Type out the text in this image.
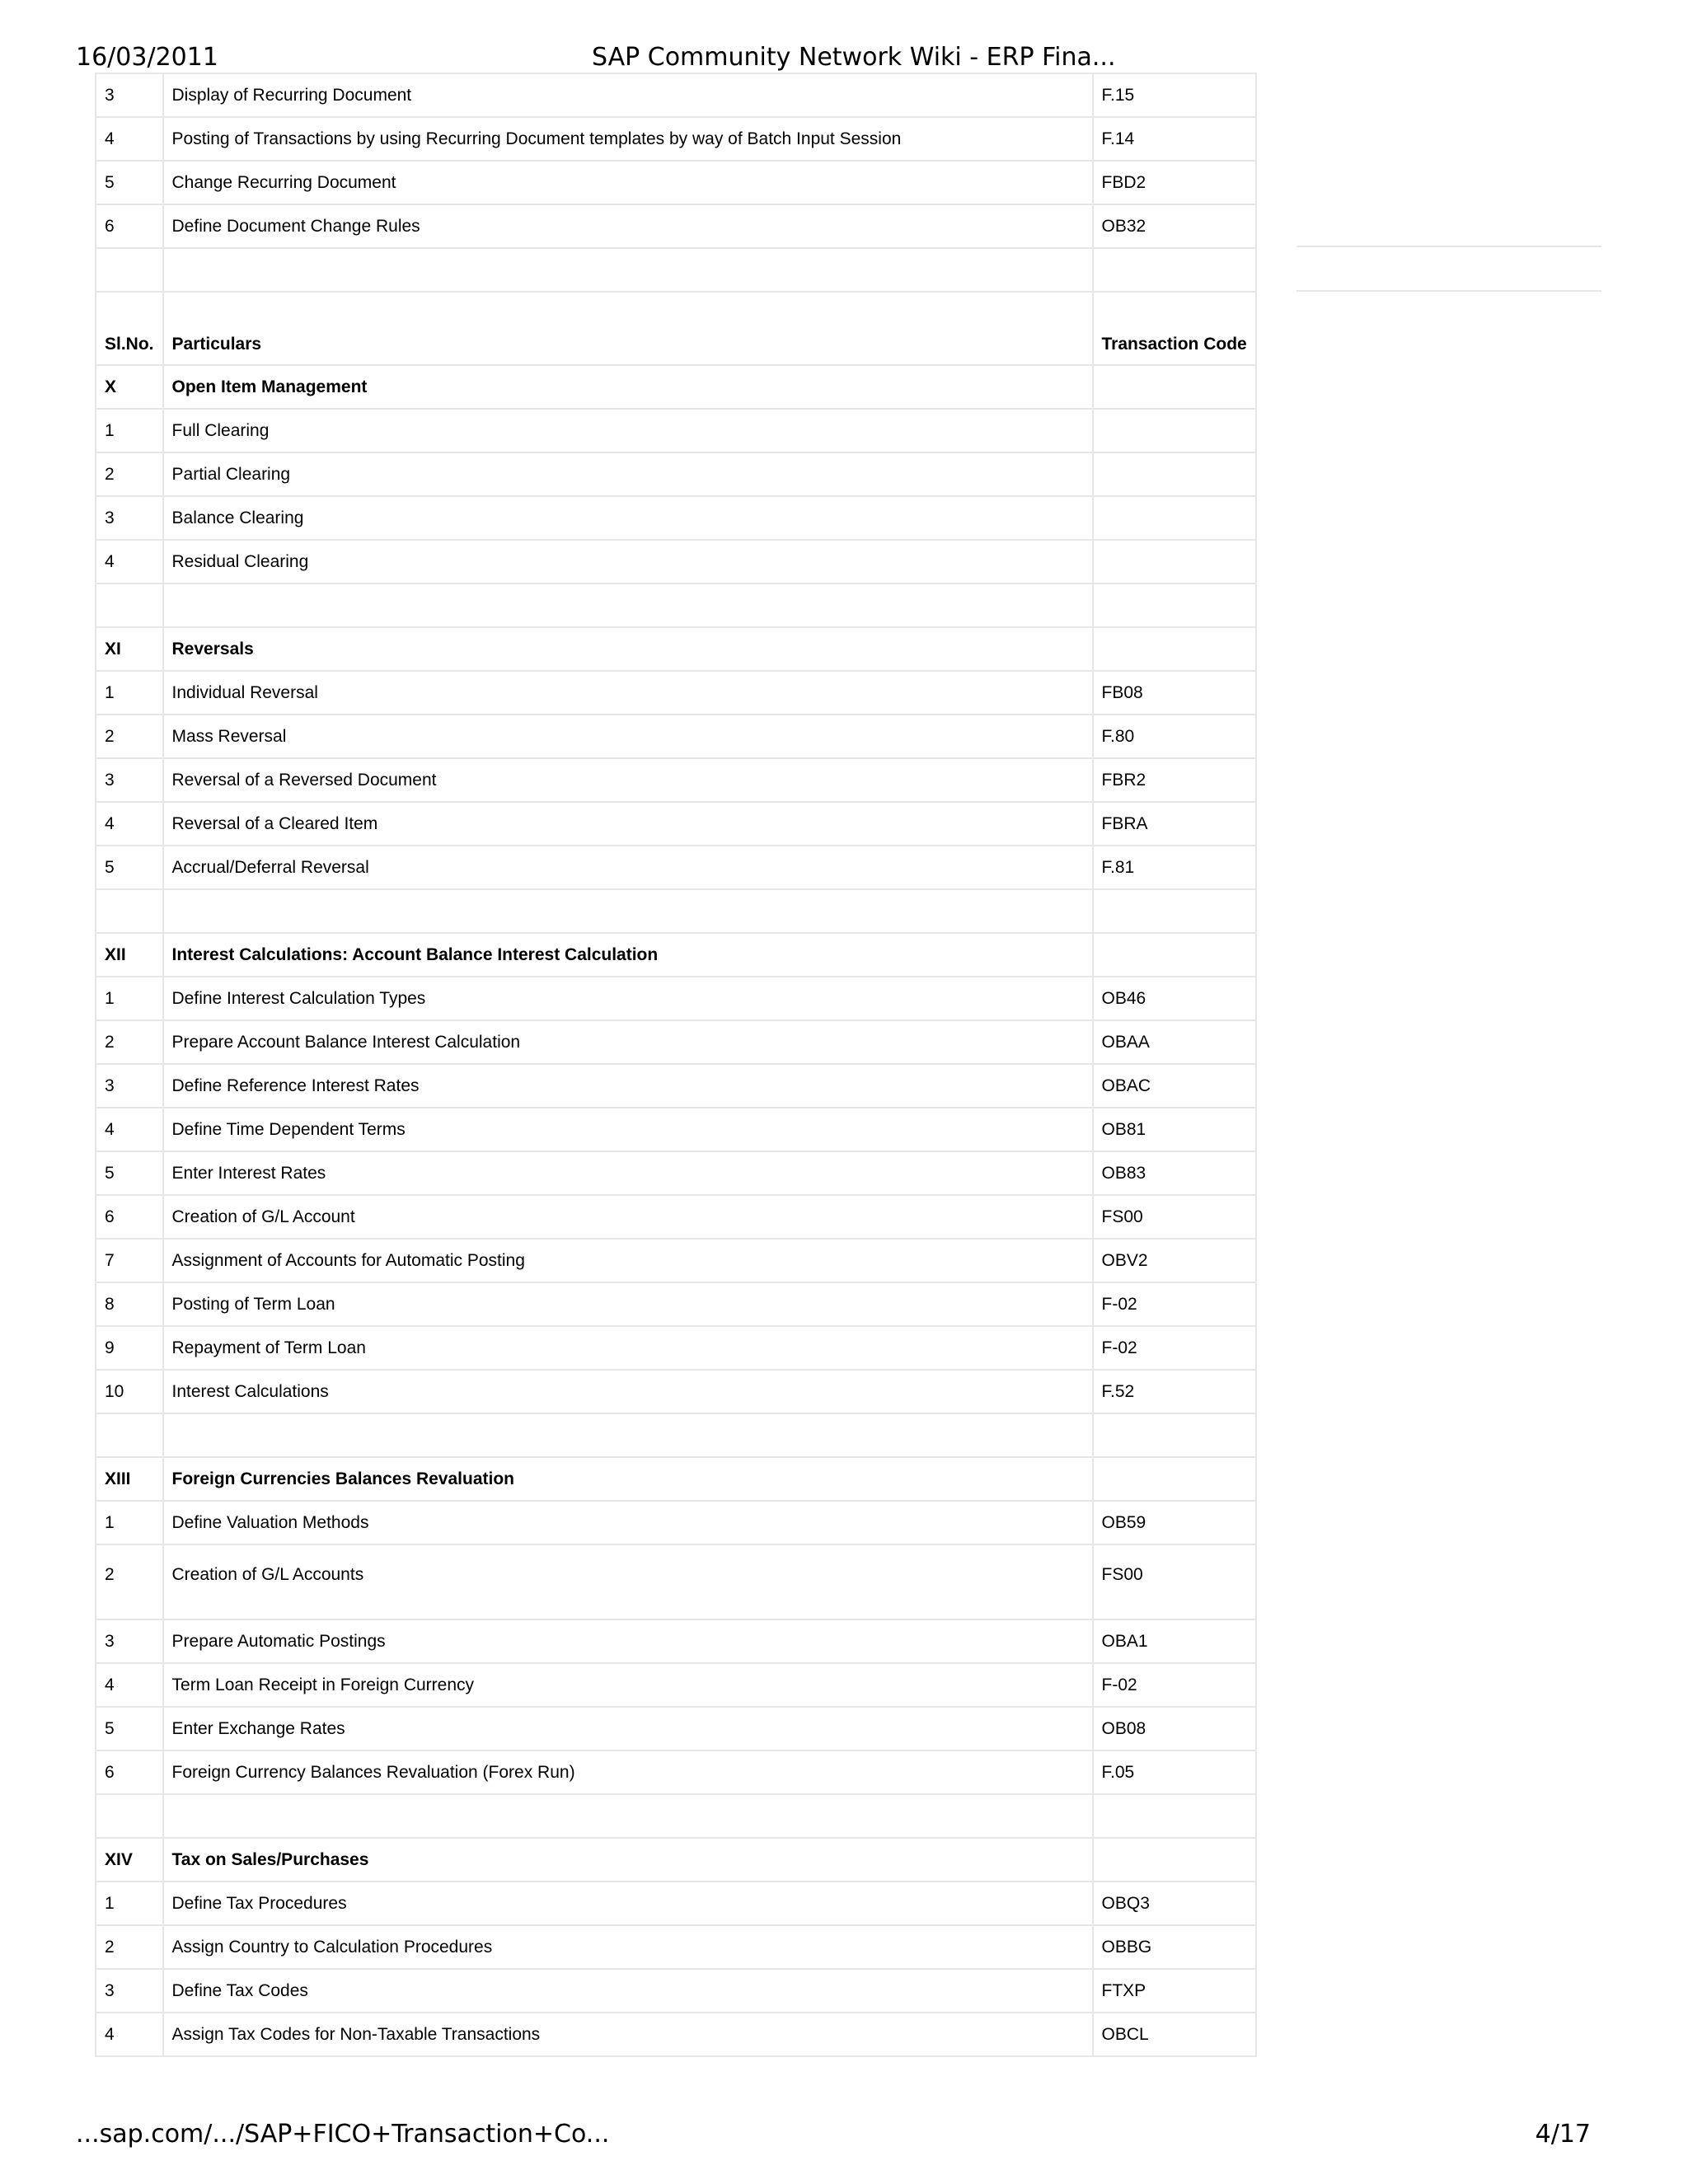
16/03/2011	SAP Community Network Wiki - ERP Fina...
3	Display of Recurring Document	F.15
4	Posting of Transactions by using Recurring Document templates by way of Batch Input Session	F.14
5	Change Recurring Document	FBD2
6	Define Document Change Rules	OB32

Sl.No.	Particulars	Transaction Code
X	Open Item Management	
1	Full Clearing	
2	Partial Clearing	
3	Balance Clearing	
4	Residual Clearing	

XI	Reversals	
1	Individual Reversal	FB08
2	Mass Reversal	F.80
3	Reversal of a Reversed Document	FBR2
4	Reversal of a Cleared Item	FBRA
5	Accrual/Deferral Reversal	F.81

XII	Interest Calculations: Account Balance Interest Calculation	
1	Define Interest Calculation Types	OB46
2	Prepare Account Balance Interest Calculation	OBAA
3	Define Reference Interest Rates	OBAC
4	Define Time Dependent Terms	OB81
5	Enter Interest Rates	OB83
6	Creation of G/L Account	FS00
7	Assignment of Accounts for Automatic Posting	OBV2
8	Posting of Term Loan	F-02
9	Repayment of Term Loan	F-02
10	Interest Calculations	F.52

XIII	Foreign Currencies Balances Revaluation	
1	Define Valuation Methods	OB59
2	Creation of G/L Accounts	FS00
3	Prepare Automatic Postings	OBA1
4	Term Loan Receipt in Foreign Currency	F-02
5	Enter Exchange Rates	OB08
6	Foreign Currency Balances Revaluation (Forex Run)	F.05

XIV	Tax on Sales/Purchases	
1	Define Tax Procedures	OBQ3
2	Assign Country to Calculation Procedures	OBBG
3	Define Tax Codes	FTXP
4	Assign Tax Codes for Non-Taxable Transactions	OBCL
...sap.com/.../SAP+FICO+Transaction+Co...	4/17
